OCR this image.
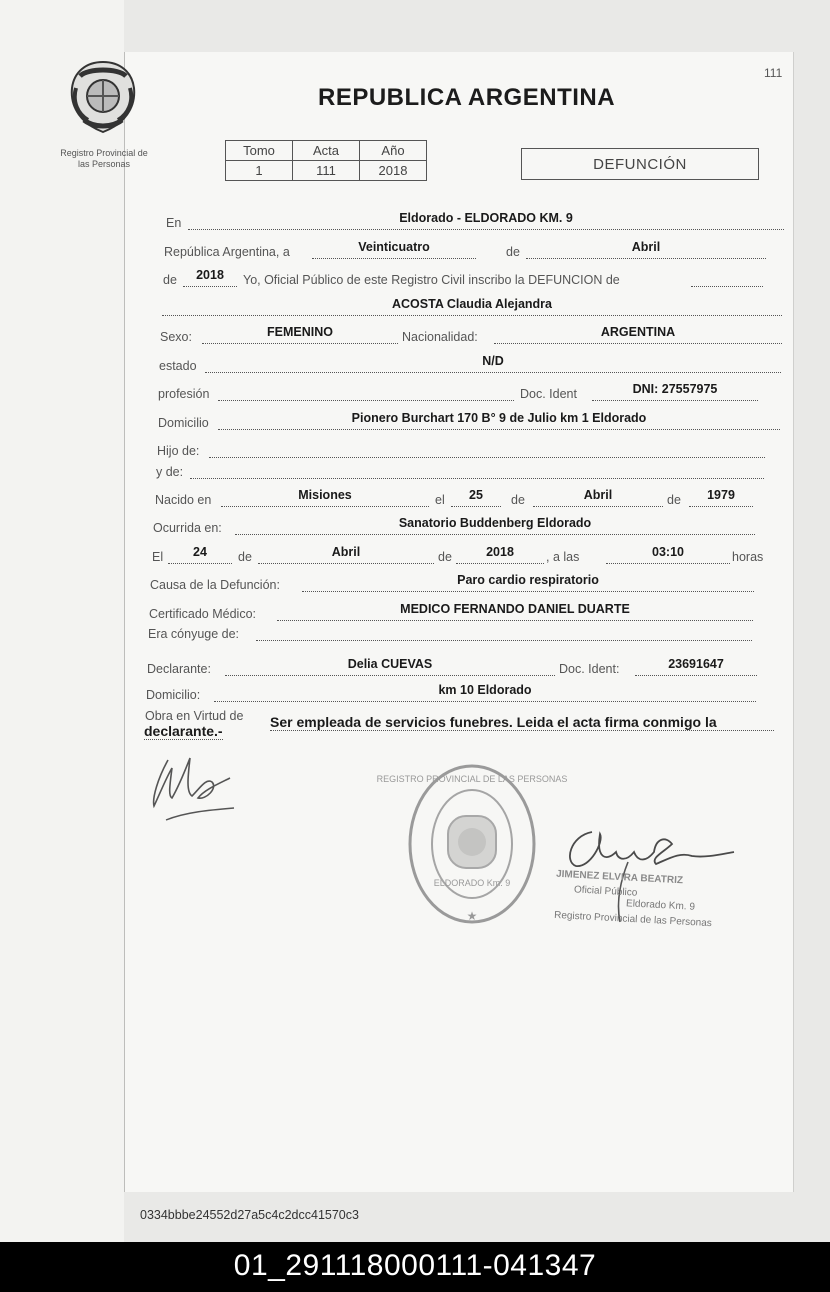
Registro Provincial de
las Personas
111
REPUBLICA ARGENTINA
Tomo	Acta	Año
1	111	2018	DEFUNCIÓN
En	Eldorado - ELDORADO KM. 9
República Argentina, a	Veinticuatro	de	Abril
de	2018	Yo, Oficial Público de este Registro Civil inscribo la DEFUNCION de
ACOSTA Claudia Alejandra
Sexo:	FEMENINO	Nacionalidad:	ARGENTINA
estado	N/D
profesión	Doc. Ident	DNI: 27557975
Domicilio	Pionero Burchart 170 B° 9 de Julio km 1 Eldorado
Hijo de:
y de:
Nacido en	Misiones	el	25	de	Abril	de	1979
Ocurrida en:	Sanatorio Buddenberg Eldorado
El	24	de	Abril	de	2018	, a las	03:10	horas
Causa de la Defunción:	Paro cardio respiratorio
Certificado Médico:	MEDICO FERNANDO DANIEL DUARTE
Era cónyuge de:
Declarante:	Delia CUEVAS	Doc. Ident:	23691647
Domicilio:	km 10 Eldorado
Obra en Virtud de Ser empleada de servicios funebres. Leida el acta firma conmigo la
declarante.-
REGISTRO PROVINCIAL DE LAS PERSONAS
ELDORADO Km. 9
★
JIMENEZ ELVIRA BEATRIZ
Oficial Público
Eldorado Km. 9
Registro Provincial de las Personas
0334bbbe24552d27a5c4c2dcc41570c3
01_291118000111-041347
